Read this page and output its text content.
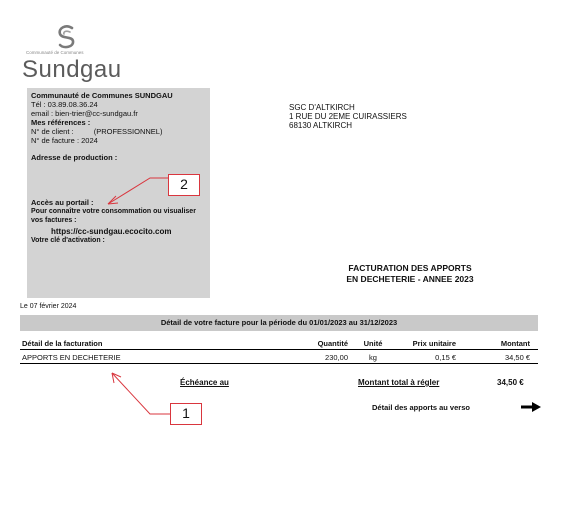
Communauté de Communes
Sundgau
Communauté de Communes SUNDGAU
Tél : 03.89.08.36.24
email : bien-trier@cc-sundgau.fr
Mes références :
N° de client :	(PROFESSIONNEL)
N° de facture : 2024
Adresse de production :
Accès au portail :
Pour connaître votre consommation ou visualiser
vos factures :
https://cc-sundgau.ecocito.com
Votre clé d'activation :
SGC D'ALTKIRCH
1 RUE DU 2EME CUIRASSIERS
68130 ALTKIRCH
FACTURATION DES APPORTS
EN DECHETERIE - ANNEE 2023
Le 07 février 2024
Détail de votre facture pour la période du 01/01/2023 au 31/12/2023
Détail de la facturation	Quantité	Unité	Prix unitaire	Montant
APPORTS EN DECHETERIE	230,00	kg	0,15 €	34,50 €
Échéance au	Montant total à régler	34,50 €
Détail des apports au verso
2
1
